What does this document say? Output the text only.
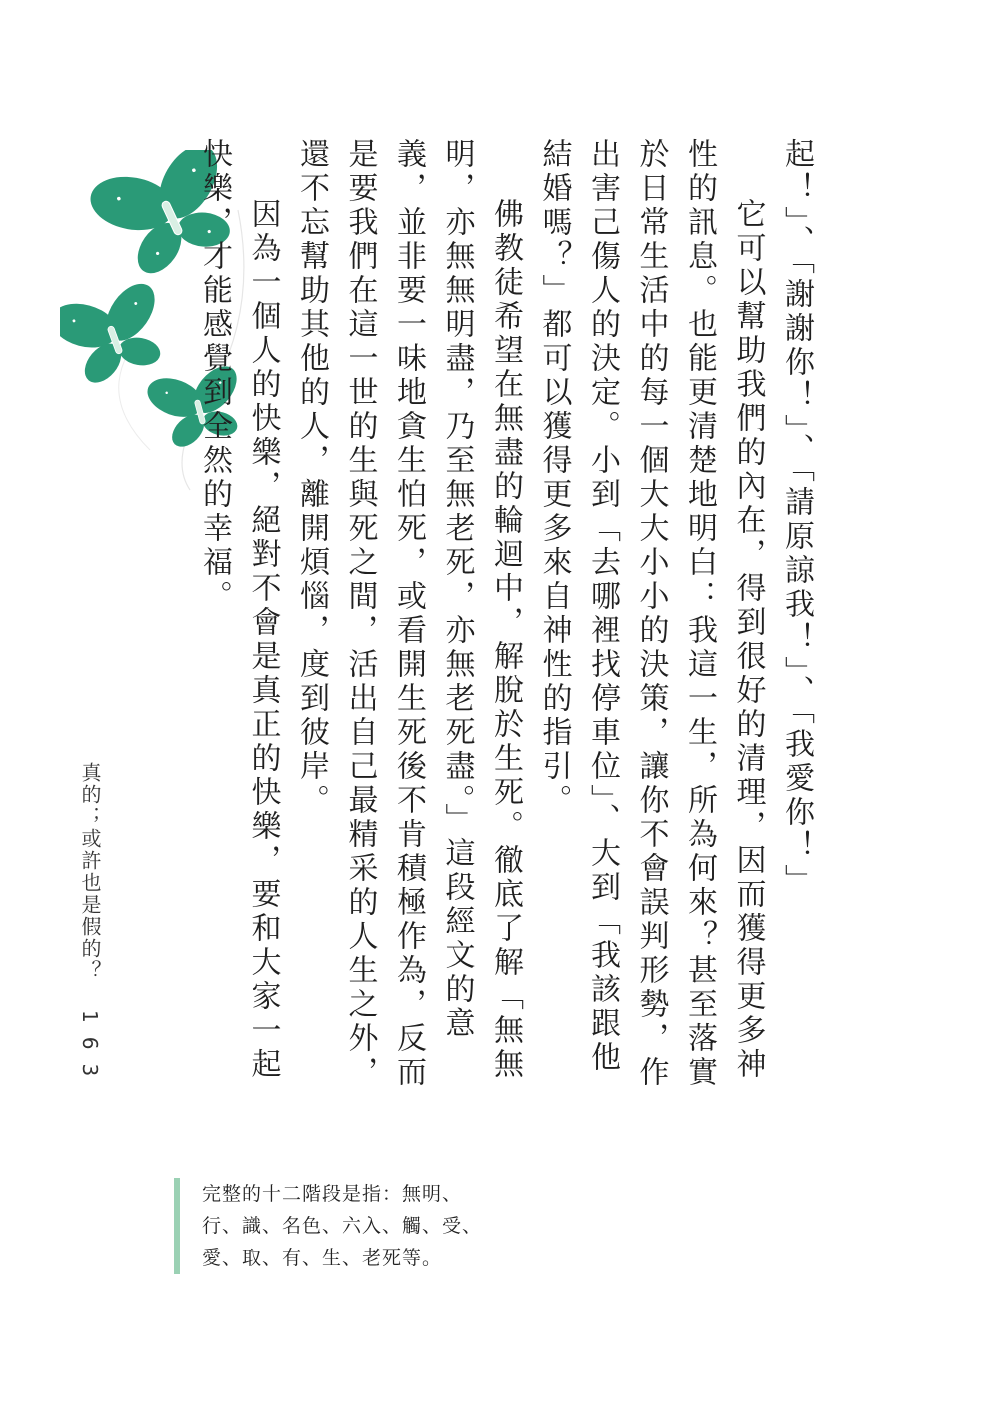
起！」、「謝謝你！」、「請原諒我！」、「我愛你！」

它可以幫助我們的內在，得到很好的清理，因而獲得更多神性的訊息。也能更清楚地明白：我這一生，所為何來？甚至落實於日常生活中的每一個大大小小的決策，讓你不會誤判形勢，作出害己傷人的決定。小到「去哪裡找停車位」、大到「我該跟他結婚嗎？」都可以獲得更多來自神性的指引。

佛教徒希望在無盡的輪迴中，解脫於生死。徹底了解「無無明，亦無無明盡，乃至無老死，亦無老死盡。」這段經文的意義，並非要一味地貪生怕死，或看開生死後不肯積極作為，反而是要我們在這一世的生與死之間，活出自己最精采的人生之外，還不忘幫助其他的人，離開煩惱，度到彼岸。

因為一個人的快樂，絕對不會是真正的快樂，要和大家一起快樂，才能感覺到全然的幸福。

真的；或許也是假的？
163

完整的十二階段是指：無明、

行、識、名色、六入、觸、受、

愛、取、有、生、老死等。
